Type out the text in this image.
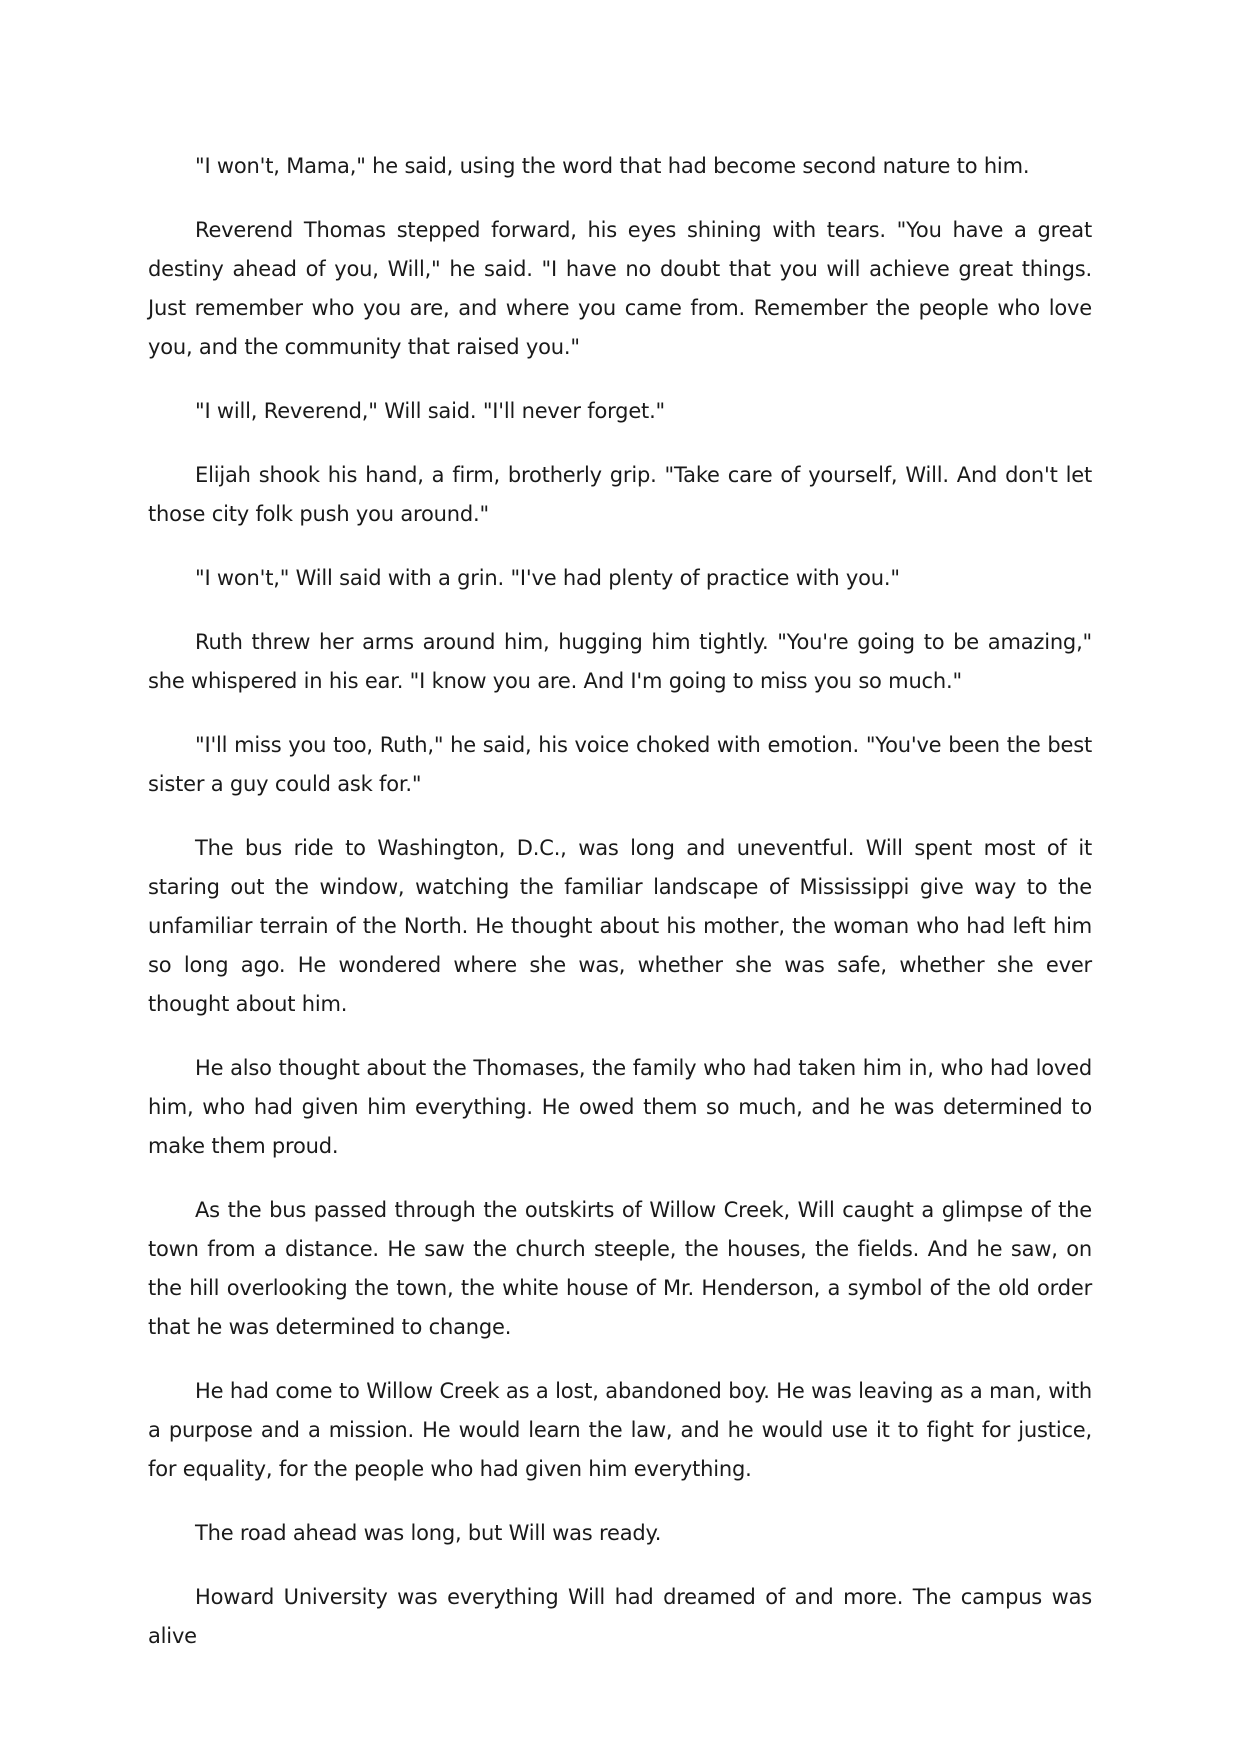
"I won't, Mama," he said, using the word that had become second nature to him.

Reverend Thomas stepped forward, his eyes shining with tears. "You have a great destiny ahead of you, Will," he said. "I have no doubt that you will achieve great things. Just remember who you are, and where you came from. Remember the people who love you, and the community that raised you."

"I will, Reverend," Will said. "I'll never forget."

Elijah shook his hand, a firm, brotherly grip. "Take care of yourself, Will. And don't let those city folk push you around."

"I won't," Will said with a grin. "I've had plenty of practice with you."

Ruth threw her arms around him, hugging him tightly. "You're going to be amazing," she whispered in his ear. "I know you are. And I'm going to miss you so much."

"I'll miss you too, Ruth," he said, his voice choked with emotion. "You've been the best sister a guy could ask for."

The bus ride to Washington, D.C., was long and uneventful. Will spent most of it staring out the window, watching the familiar landscape of Mississippi give way to the unfamiliar terrain of the North. He thought about his mother, the woman who had left him so long ago. He wondered where she was, whether she was safe, whether she ever thought about him.

He also thought about the Thomases, the family who had taken him in, who had loved him, who had given him everything. He owed them so much, and he was determined to make them proud.

As the bus passed through the outskirts of Willow Creek, Will caught a glimpse of the town from a distance. He saw the church steeple, the houses, the fields. And he saw, on the hill overlooking the town, the white house of Mr. Henderson, a symbol of the old order that he was determined to change.

He had come to Willow Creek as a lost, abandoned boy. He was leaving as a man, with a purpose and a mission. He would learn the law, and he would use it to fight for justice, for equality, for the people who had given him everything.

The road ahead was long, but Will was ready.

Howard University was everything Will had dreamed of and more. The campus was alive
